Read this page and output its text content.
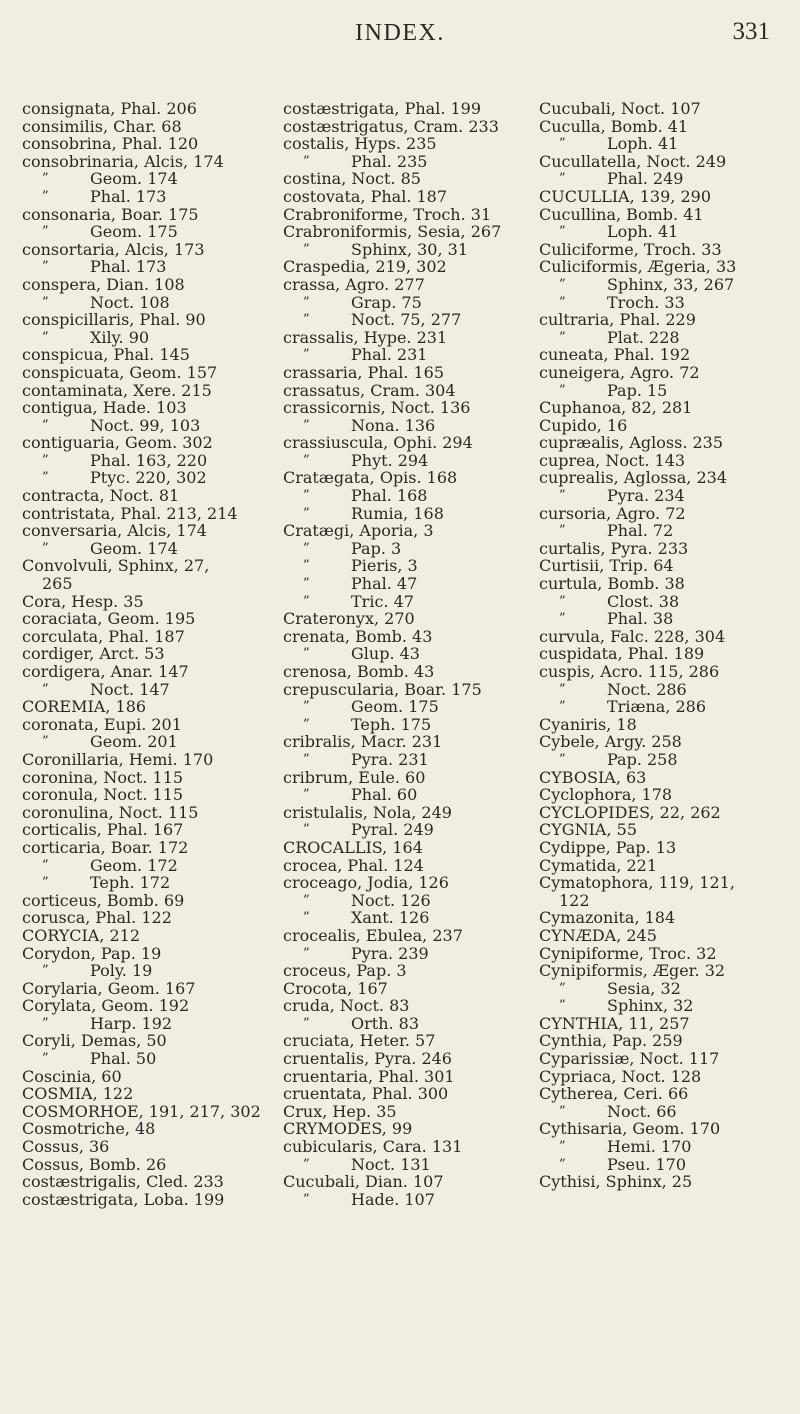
INDEX.	331
consignata, Phal. 206
consimilis, Char. 68
consobrina, Phal. 120
consobrinaria, Alcis, 174
”	Geom. 174
”	Phal. 173
consonaria, Boar. 175
”	Geom. 175
consortaria, Alcis, 173
”	Phal. 173
conspera, Dian. 108
”	Noct. 108
conspicillaris, Phal. 90
”	Xily. 90
conspicua, Phal. 145
conspicuata, Geom. 157
contaminata, Xere. 215
contigua, Hade. 103
”	Noct. 99, 103
contiguaria, Geom. 302
”	Phal. 163, 220
”	Ptyc. 220, 302
contracta, Noct. 81
contristata, Phal. 213, 214
conversaria, Alcis, 174
”	Geom. 174
Convolvuli, Sphinx, 27,
265
Cora, Hesp. 35
coraciata, Geom. 195
corculata, Phal. 187
cordiger, Arct. 53
cordigera, Anar. 147
”	Noct. 147
COREMIA, 186
coronata, Eupi. 201
”	Geom. 201
Coronillaria, Hemi. 170
coronina, Noct. 115
coronula, Noct. 115
coronulina, Noct. 115
corticalis, Phal. 167
corticaria, Boar. 172
”	Geom. 172
”	Teph. 172
corticeus, Bomb. 69
corusca, Phal. 122
CORYCIA, 212
Corydon, Pap. 19
”	Poly. 19
Corylaria, Geom. 167
Corylata, Geom. 192
”	Harp. 192
Coryli, Demas, 50
”	Phal. 50
Coscinia, 60
COSMIA, 122
COSMORHOE, 191, 217, 302
Cosmotriche, 48
Cossus, 36
Cossus, Bomb. 26
costæstrigalis, Cled. 233
costæstrigata, Loba. 199
costæstrigata, Phal. 199
costæstrigatus, Cram. 233
costalis, Hyps. 235
”	Phal. 235
costina, Noct. 85
costovata, Phal. 187
Crabroniforme, Troch. 31
Crabroniformis, Sesia, 267
”	Sphinx, 30, 31
Craspedia, 219, 302
crassa, Agro. 277
”	Grap. 75
”	Noct. 75, 277
crassalis, Hype. 231
”	Phal. 231
crassaria, Phal. 165
crassatus, Cram. 304
crassicornis, Noct. 136
”	Nona. 136
crassiuscula, Ophi. 294
”	Phyt. 294
Cratægata, Opis. 168
”	Phal. 168
”	Rumia, 168
Cratægi, Aporia, 3
”	Pap. 3
”	Pieris, 3
”	Phal. 47
”	Tric. 47
Crateronyx, 270
crenata, Bomb. 43
”	Glup. 43
crenosa, Bomb. 43
crepuscularia, Boar. 175
”	Geom. 175
”	Teph. 175
cribralis, Macr. 231
”	Pyra. 231
cribrum, Eule. 60
”	Phal. 60
cristulalis, Nola, 249
”	Pyral. 249
CROCALLIS, 164
crocea, Phal. 124
croceago, Jodia, 126
”	Noct. 126
”	Xant. 126
crocealis, Ebulea, 237
”	Pyra. 239
croceus, Pap. 3
Crocota, 167
cruda, Noct. 83
”	Orth. 83
cruciata, Heter. 57
cruentalis, Pyra. 246
cruentaria, Phal. 301
cruentata, Phal. 300
Crux, Hep. 35
CRYMODES, 99
cubicularis, Cara. 131
”	Noct. 131
Cucubali, Dian. 107
”	Hade. 107
Cucubali, Noct. 107
Cuculla, Bomb. 41
”	Loph. 41
Cucullatella, Noct. 249
”	Phal. 249
CUCULLIA, 139, 290
Cucullina, Bomb. 41
”	Loph. 41
Culiciforme, Troch. 33
Culiciformis, Ægeria, 33
”	Sphinx, 33, 267
”	Troch. 33
cultraria, Phal. 229
”	Plat. 228
cuneata, Phal. 192
cuneigera, Agro. 72
”	Pap. 15
Cuphanoa, 82, 281
Cupido, 16
cupræalis, Agloss. 235
cuprea, Noct. 143
cuprealis, Aglossa, 234
”	Pyra. 234
cursoria, Agro. 72
”	Phal. 72
curtalis, Pyra. 233
Curtisii, Trip. 64
curtula, Bomb. 38
”	Clost. 38
”	Phal. 38
curvula, Falc. 228, 304
cuspidata, Phal. 189
cuspis, Acro. 115, 286
”	Noct. 286
”	Triæna, 286
Cyaniris, 18
Cybele, Argy. 258
”	Pap. 258
CYBOSIA, 63
Cyclophora, 178
CYCLOPIDES, 22, 262
CYGNIA, 55
Cydippe, Pap. 13
Cymatida, 221
Cymatophora, 119, 121,
122
Cymazonita, 184
CYNÆDA, 245
Cynipiforme, Troc. 32
Cynipiformis, Æger. 32
”	Sesia, 32
”	Sphinx, 32
CYNTHIA, 11, 257
Cynthia, Pap. 259
Cyparissiæ, Noct. 117
Cypriaca, Noct. 128
Cytherea, Ceri. 66
”	Noct. 66
Cythisaria, Geom. 170
”	Hemi. 170
”	Pseu. 170
Cythisi, Sphinx, 25
